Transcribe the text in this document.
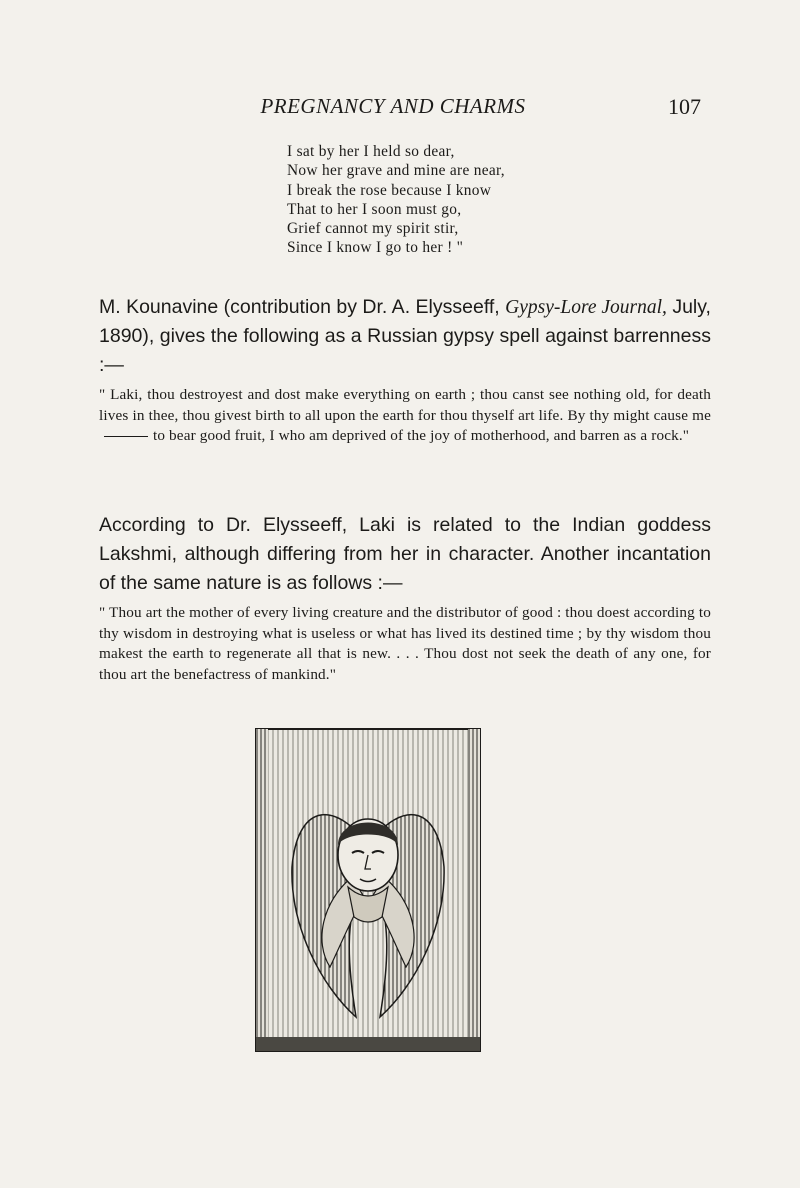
PREGNANCY AND CHARMS	107
I sat by her I held so dear,
Now her grave and mine are near,
I break the rose because I know
That to her I soon must go,
Grief cannot my spirit stir,
Since I know I go to her ! "
M. Kounavine (contribution by Dr. A. Elysseeff, Gypsy-Lore Journal, July, 1890), gives the following as a Russian gypsy spell against barrenness :—
" Laki, thou destroyest and dost make everything on earth ; thou canst see nothing old, for death lives in thee, thou givest birth to all upon the earth for thou thyself art life. By thy might cause meto bear good fruit, I who am deprived of the joy of motherhood, and barren as a rock."
According to Dr. Elysseeff, Laki is related to the Indian goddess Lakshmi, although differing from her in character. Another incantation of the same nature is as follows :—
" Thou art the mother of every living creature and the distributor of good : thou doest according to thy wisdom in destroying what is useless or what has lived its destined time ; by thy wisdom thou makest the earth to regenerate all that is new. . . . Thou dost not seek the death of any one, for thou art the benefactress of mankind."
